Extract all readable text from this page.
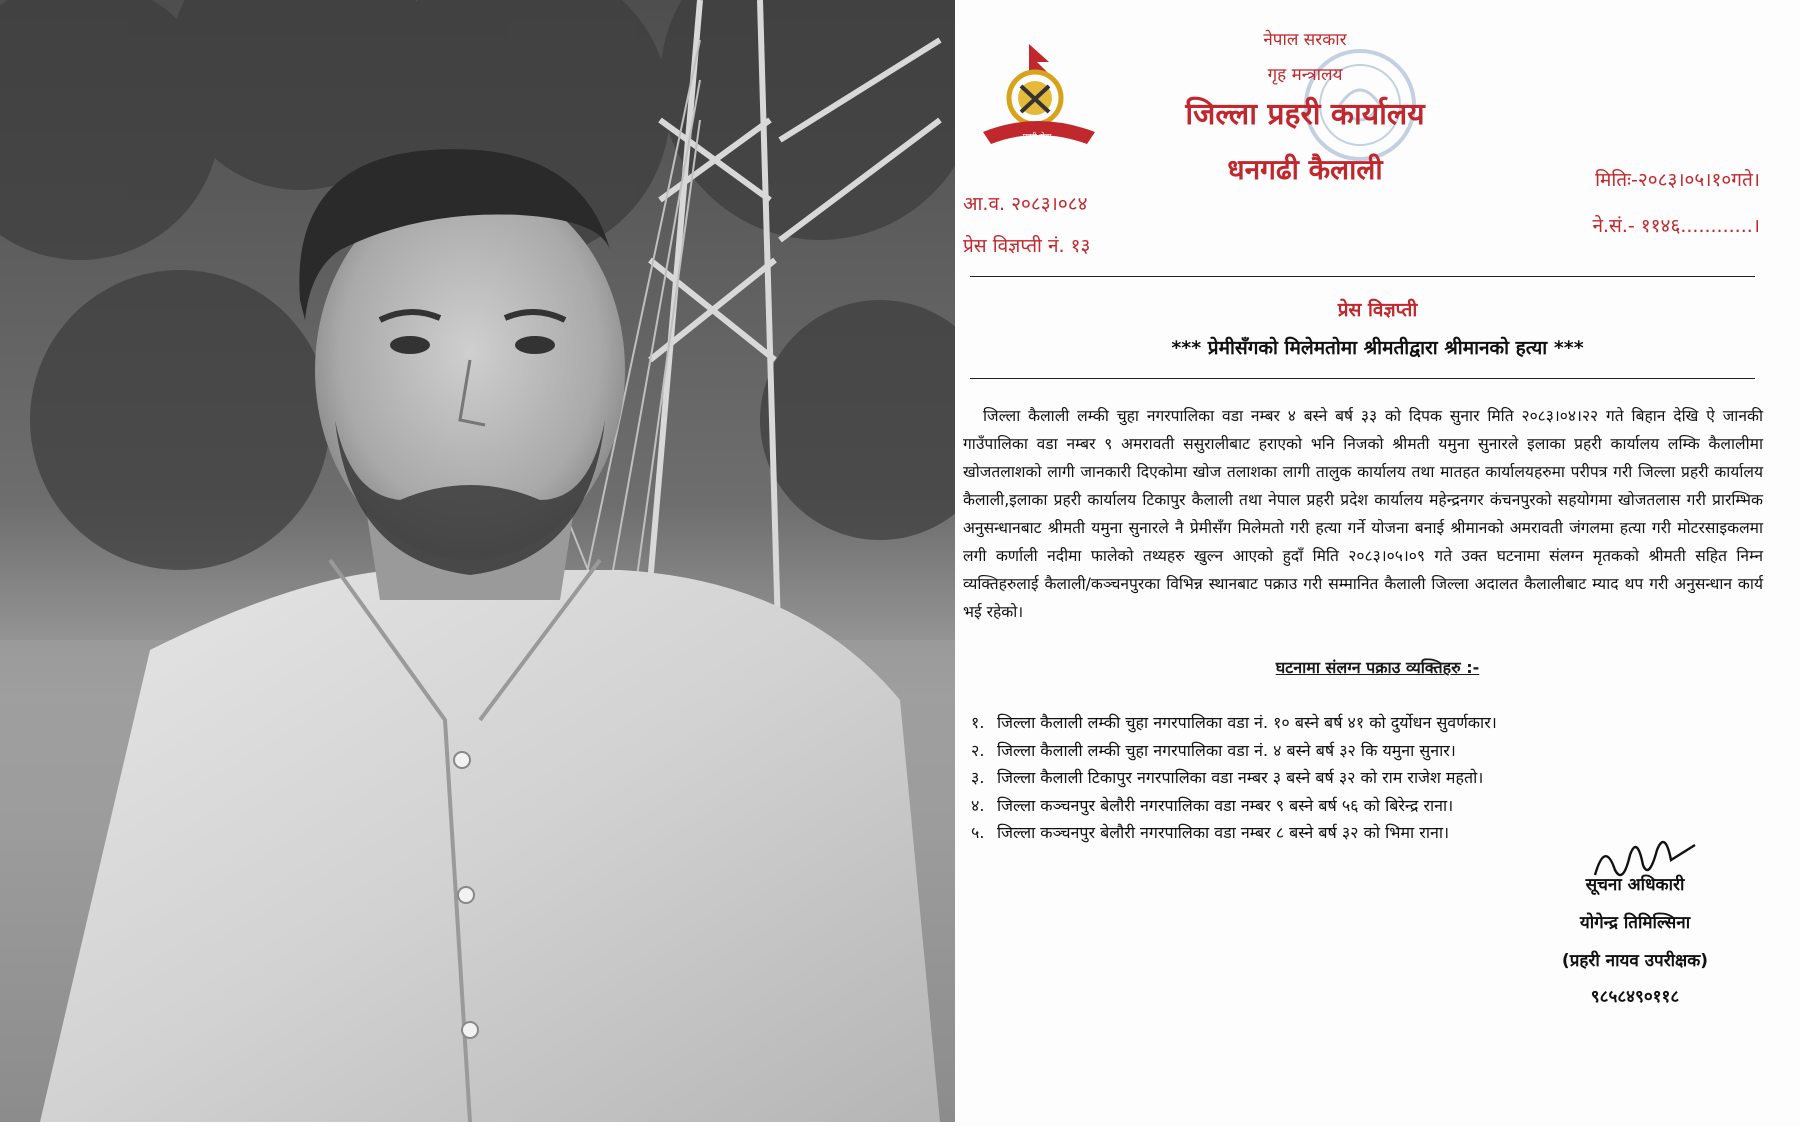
प्रहरी सेवा
नेपाल सरकार
गृह मन्त्रालय
जिल्ला प्रहरी कार्यालय
धनगढी कैलाली
आ.व. २०८३।०८४
प्रेस विज्ञप्ती नं. १३
मितिः-२०८३।०५।१०गते।
ने.सं.- ११४६............।
प्रेस विज्ञप्ती
*** प्रेमीसँगको मिलेमतोमा श्रीमतीद्वारा श्रीमानको हत्या ***
जिल्ला कैलाली लम्की चुहा नगरपालिका वडा नम्बर ४ बस्ने बर्ष ३३ को दिपक सुनार मिति २०८३।०४।२२ गते बिहान देखि ऐ जानकी गाउँपालिका वडा नम्बर ९ अमरावती ससुरालीबाट हराएको भनि निजको श्रीमती यमुना सुनारले इलाका प्रहरी कार्यालय लम्कि कैलालीमा खोजतलाशको लागी जानकारी दिएकोमा खोज तलाशका लागी तालुक कार्यालय तथा मातहत कार्यालयहरुमा परीपत्र गरी जिल्ला प्रहरी कार्यालय कैलाली,इलाका प्रहरी कार्यालय टिकापुर कैलाली तथा नेपाल प्रहरी प्रदेश कार्यालय महेन्द्रनगर कंचनपुरको सहयोगमा खोजतलास गरी प्रारम्भिक अनुसन्धानबाट श्रीमती यमुना सुनारले नै प्रेमीसँग मिलेमतो गरी हत्या गर्ने योजना बनाई श्रीमानको अमरावती जंगलमा हत्या गरी मोटरसाइकलमा लगी कर्णाली नदीमा फालेको तथ्यहरु खुल्न आएको हुदाँ मिति २०८३।०५।०९ गते उक्त घटनामा संलग्न मृतकको श्रीमती सहित निम्न व्यक्तिहरुलाई कैलाली/कञ्चनपुरका विभिन्न स्थानबाट पक्राउ गरी सम्मानित कैलाली जिल्ला अदालत कैलालीबाट म्याद थप गरी अनुसन्धान कार्य भई रहेको।
घटनामा संलग्न पक्राउ व्यक्तिहरु :-
१. जिल्ला कैलाली लम्की चुहा नगरपालिका वडा नं. १० बस्ने बर्ष ४१ को दुर्योधन सुवर्णकार।
२. जिल्ला कैलाली लम्की चुहा नगरपालिका वडा नं. ४ बस्ने बर्ष ३२ कि यमुना सुनार।
३. जिल्ला कैलाली टिकापुर नगरपालिका वडा नम्बर ३ बस्ने बर्ष ३२ को राम राजेश महतो।
४. जिल्ला कञ्चनपुर बेलौरी नगरपालिका वडा नम्बर ९ बस्ने बर्ष ५६ को बिरेन्द्र राना।
५. जिल्ला कञ्चनपुर बेलौरी नगरपालिका वडा नम्बर ८ बस्ने बर्ष ३२ को भिमा राना।
सूचना अधिकारी
योगेन्द्र तिमिल्सिना
(प्रहरी नायव उपरीक्षक)
९८५८४९०११८
